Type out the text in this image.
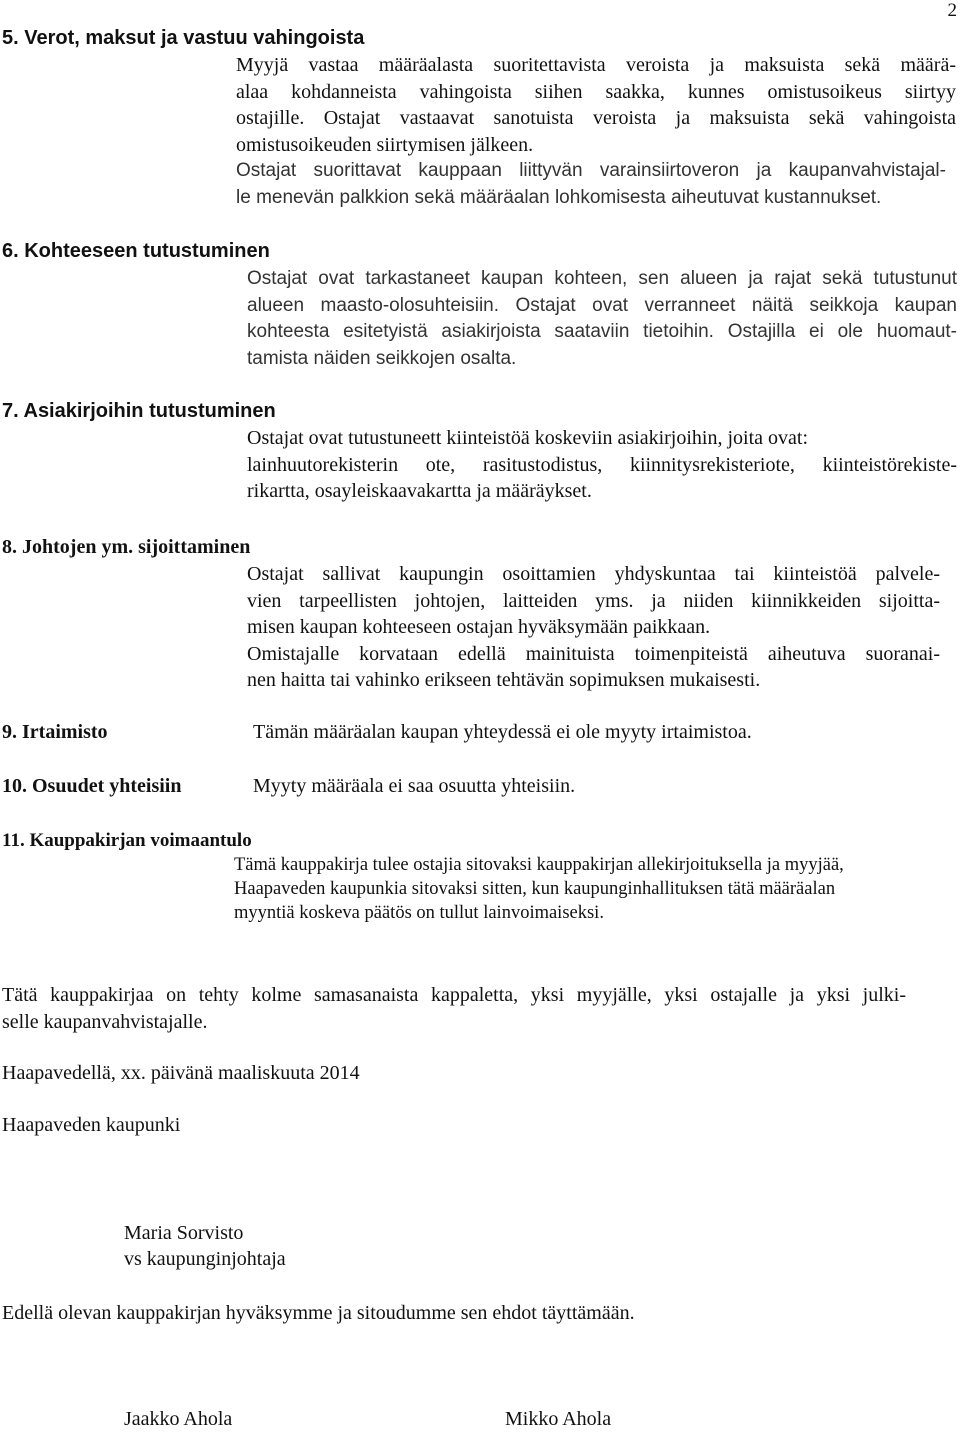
2
5. Verot, maksut ja vastuu vahingoista
Myyjä vastaa määräalasta suoritettavista veroista ja maksuista sekä määrä-
alaa kohdanneista vahingoista siihen saakka, kunnes omistusoikeus siirtyy
ostajille. Ostajat vastaavat sanotuista veroista ja maksuista sekä vahingoista
omistusoikeuden siirtymisen jälkeen.
Ostajat suorittavat kauppaan liittyvän varainsiirtoveron ja kaupanvahvistajal-
le menevän palkkion sekä määräalan lohkomisesta aiheutuvat kustannukset.
6. Kohteeseen tutustuminen
Ostajat ovat tarkastaneet kaupan kohteen, sen alueen ja rajat sekä tutustunut
alueen maasto-olosuhteisiin. Ostajat ovat verranneet näitä seikkoja kaupan
kohteesta esitetyistä asiakirjoista saataviin tietoihin. Ostajilla ei ole huomaut-
tamista näiden seikkojen osalta.
7. Asiakirjoihin tutustuminen
Ostajat ovat tutustuneett kiinteistöä koskeviin asiakirjoihin, joita ovat:
lainhuutorekisterin ote, rasitustodistus, kiinnitysrekisteriote, kiinteistörekiste-
rikartta, osayleiskaavakartta ja määräykset.
8. Johtojen ym. sijoittaminen
Ostajat sallivat kaupungin osoittamien yhdyskuntaa tai kiinteistöä palvele-
vien tarpeellisten johtojen, laitteiden yms. ja niiden kiinnikkeiden sijoitta-
misen kaupan kohteeseen ostajan hyväksymään paikkaan.
Omistajalle korvataan edellä mainituista toimenpiteistä aiheutuva suoranai-
nen haitta tai vahinko erikseen tehtävän sopimuksen mukaisesti.
9. Irtaimisto	Tämän määräalan kaupan yhteydessä ei ole myyty irtaimistoa.
10. Osuudet yhteisiin	Myyty määräala ei saa osuutta yhteisiin.
11. Kauppakirjan voimaantulo
Tämä kauppakirja tulee ostajia sitovaksi kauppakirjan allekirjoituksella ja myyjää,
Haapaveden kaupunkia sitovaksi sitten, kun kaupunginhallituksen tätä määräalan
myyntiä koskeva päätös on tullut lainvoimaiseksi.
Tätä kauppakirjaa on tehty kolme samasanaista kappaletta, yksi myyjälle, yksi ostajalle ja yksi julki-
selle kaupanvahvistajalle.
Haapavedellä, xx. päivänä maaliskuuta 2014
Haapaveden kaupunki
Maria Sorvisto
vs kaupunginjohtaja
Edellä olevan kauppakirjan hyväksymme ja sitoudumme sen ehdot täyttämään.
Jaakko Ahola	Mikko Ahola
